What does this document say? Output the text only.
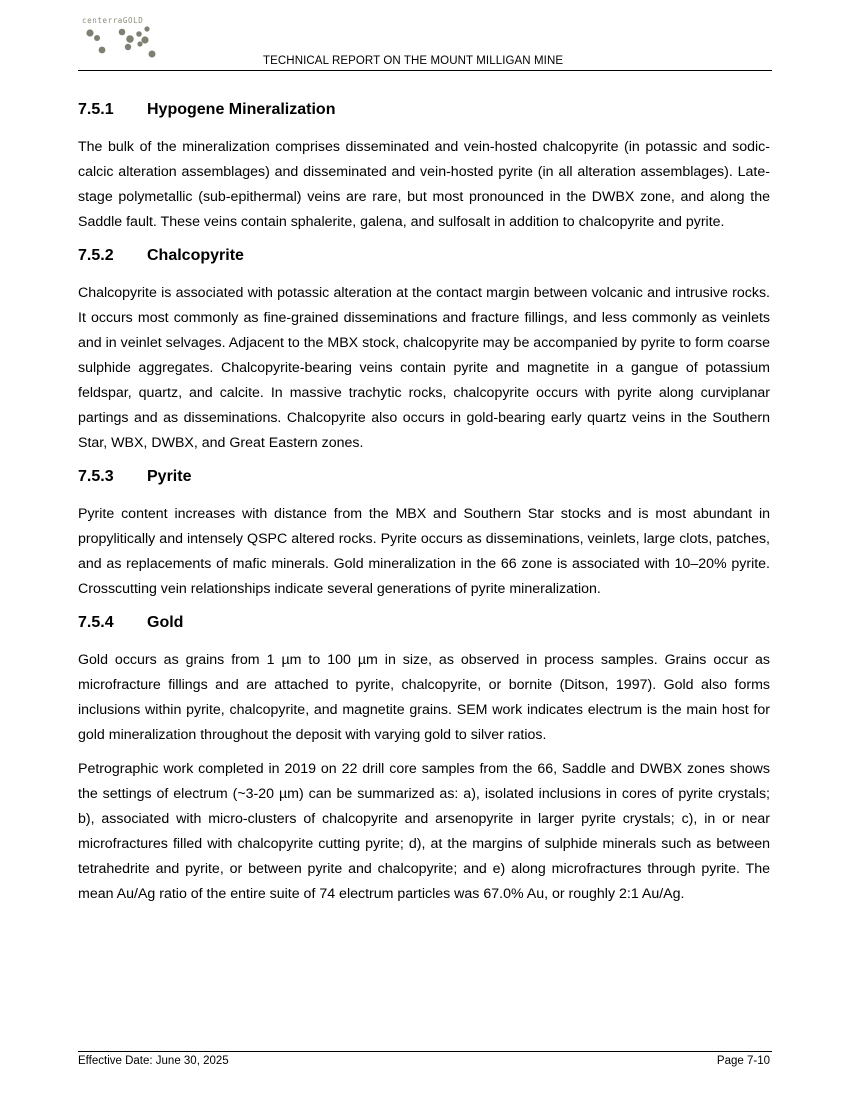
centerraGOLD
TECHNICAL REPORT ON THE MOUNT MILLIGAN MINE
7.5.1 Hypogene Mineralization

The bulk of the mineralization comprises disseminated and vein-hosted chalcopyrite (in potassic and sodic-calcic alteration assemblages) and disseminated and vein-hosted pyrite (in all alteration assemblages). Late-stage polymetallic (sub-epithermal) veins are rare, but most pronounced in the DWBX zone, and along the Saddle fault. These veins contain sphalerite, galena, and sulfosalt in addition to chalcopyrite and pyrite.

7.5.2 Chalcopyrite

Chalcopyrite is associated with potassic alteration at the contact margin between volcanic and intrusive rocks. It occurs most commonly as fine-grained disseminations and fracture fillings, and less commonly as veinlets and in veinlet selvages. Adjacent to the MBX stock, chalcopyrite may be accompanied by pyrite to form coarse sulphide aggregates. Chalcopyrite-bearing veins contain pyrite and magnetite in a gangue of potassium feldspar, quartz, and calcite. In massive trachytic rocks, chalcopyrite occurs with pyrite along curviplanar partings and as disseminations. Chalcopyrite also occurs in gold-bearing early quartz veins in the Southern Star, WBX, DWBX, and Great Eastern zones.

7.5.3 Pyrite

Pyrite content increases with distance from the MBX and Southern Star stocks and is most abundant in propylitically and intensely QSPC altered rocks. Pyrite occurs as disseminations, veinlets, large clots, patches, and as replacements of mafic minerals. Gold mineralization in the 66 zone is associated with 10–20% pyrite. Crosscutting vein relationships indicate several generations of pyrite mineralization.

7.5.4 Gold

Gold occurs as grains from 1 µm to 100 µm in size, as observed in process samples. Grains occur as microfracture fillings and are attached to pyrite, chalcopyrite, or bornite (Ditson, 1997). Gold also forms inclusions within pyrite, chalcopyrite, and magnetite grains. SEM work indicates electrum is the main host for gold mineralization throughout the deposit with varying gold to silver ratios.

Petrographic work completed in 2019 on 22 drill core samples from the 66, Saddle and DWBX zones shows the settings of electrum (~3-20 µm) can be summarized as: a), isolated inclusions in cores of pyrite crystals; b), associated with micro-clusters of chalcopyrite and arsenopyrite in larger pyrite crystals; c), in or near microfractures filled with chalcopyrite cutting pyrite; d), at the margins of sulphide minerals such as between tetrahedrite and pyrite, or between pyrite and chalcopyrite; and e) along microfractures through pyrite. The mean Au/Ag ratio of the entire suite of 74 electrum particles was 67.0% Au, or roughly 2:1 Au/Ag.

Effective Date: June 30, 2025	Page 7-10
